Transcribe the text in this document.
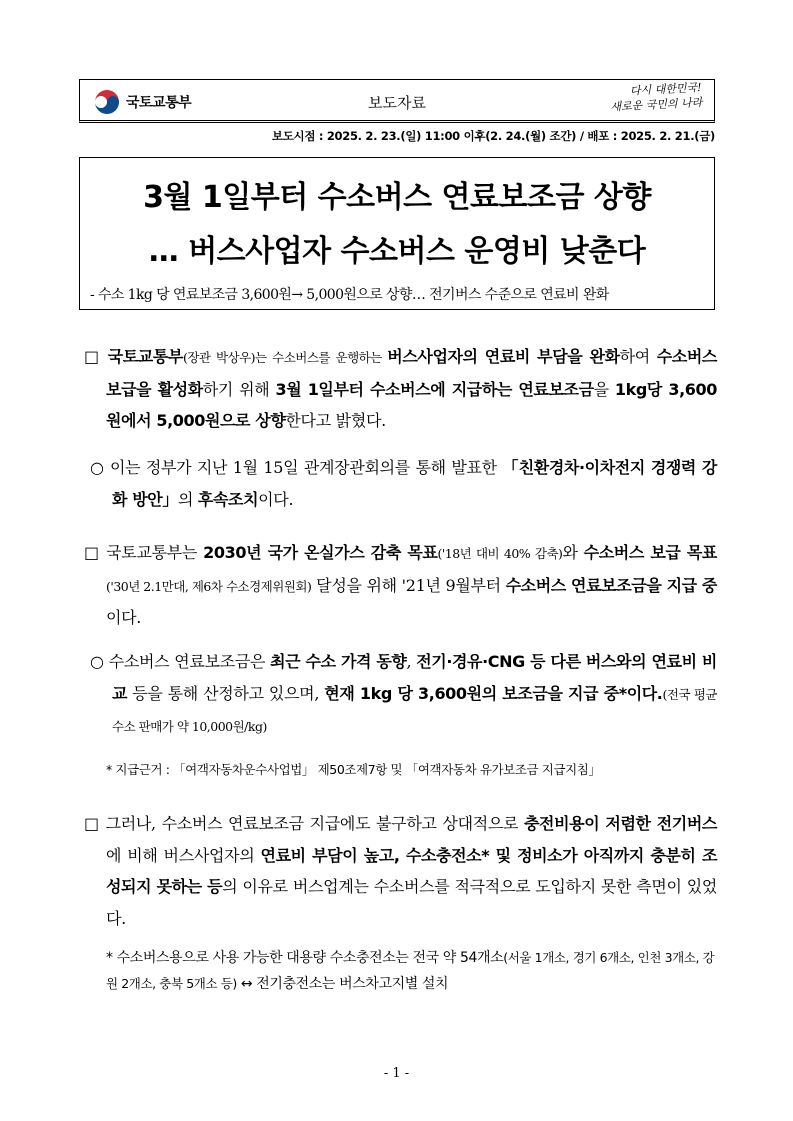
국토교통부	보도자료
다시 대한민국!
새로운 국민의 나라
보도시점 : 2025. 2. 23.(일) 11:00 이후(2. 24.(월) 조간) / 배포 : 2025. 2. 21.(금)
3월 1일부터 수소버스 연료보조금 상향
… 버스사업자 수소버스 운영비 낮춘다
- 수소 1kg 당 연료보조금 3,600원→ 5,000원으로 상향… 전기버스 수준으로 연료비 완화
□ 국토교통부(장관 박상우)는 수소버스를 운행하는 버스사업자의 연료비 부담을 완화하여 수소버스 보급을 활성화하기 위해 3월 1일부터 수소버스에 지급하는 연료보조금을 1kg당 3,600원에서 5,000원으로 상향한다고 밝혔다.
○ 이는 정부가 지난 1월 15일 관계장관회의를 통해 발표한 「친환경차·이차전지 경쟁력 강화 방안」의 후속조치이다.
□ 국토교통부는 2030년 국가 온실가스 감축 목표('18년 대비 40% 감축)와 수소버스 보급 목표('30년 2.1만대, 제6차 수소경제위원회) 달성을 위해 '21년 9월부터 수소버스 연료보조금을 지급 중이다.
○ 수소버스 연료보조금은 최근 수소 가격 동향, 전기·경유·CNG 등 다른 버스와의 연료비 비교 등을 통해 산정하고 있으며, 현재 1kg 당 3,600원의 보조금을 지급 중*이다.(전국 평균 수소 판매가 약 10,000원/kg)
* 지급근거 : 「여객자동차운수사업법」 제50조제7항 및 「여객자동차 유가보조금 지급지침」
□ 그러나, 수소버스 연료보조금 지급에도 불구하고 상대적으로 충전비용이 저렴한 전기버스에 비해 버스사업자의 연료비 부담이 높고, 수소충전소* 및 정비소가 아직까지 충분히 조성되지 못하는 등의 이유로 버스업계는 수소버스를 적극적으로 도입하지 못한 측면이 있었다.
* 수소버스용으로 사용 가능한 대용량 수소충전소는 전국 약 54개소(서울 1개소, 경기 6개소, 인천 3개소, 강원 2개소, 충북 5개소 등) ↔ 전기충전소는 버스차고지별 설치
- 1 -
